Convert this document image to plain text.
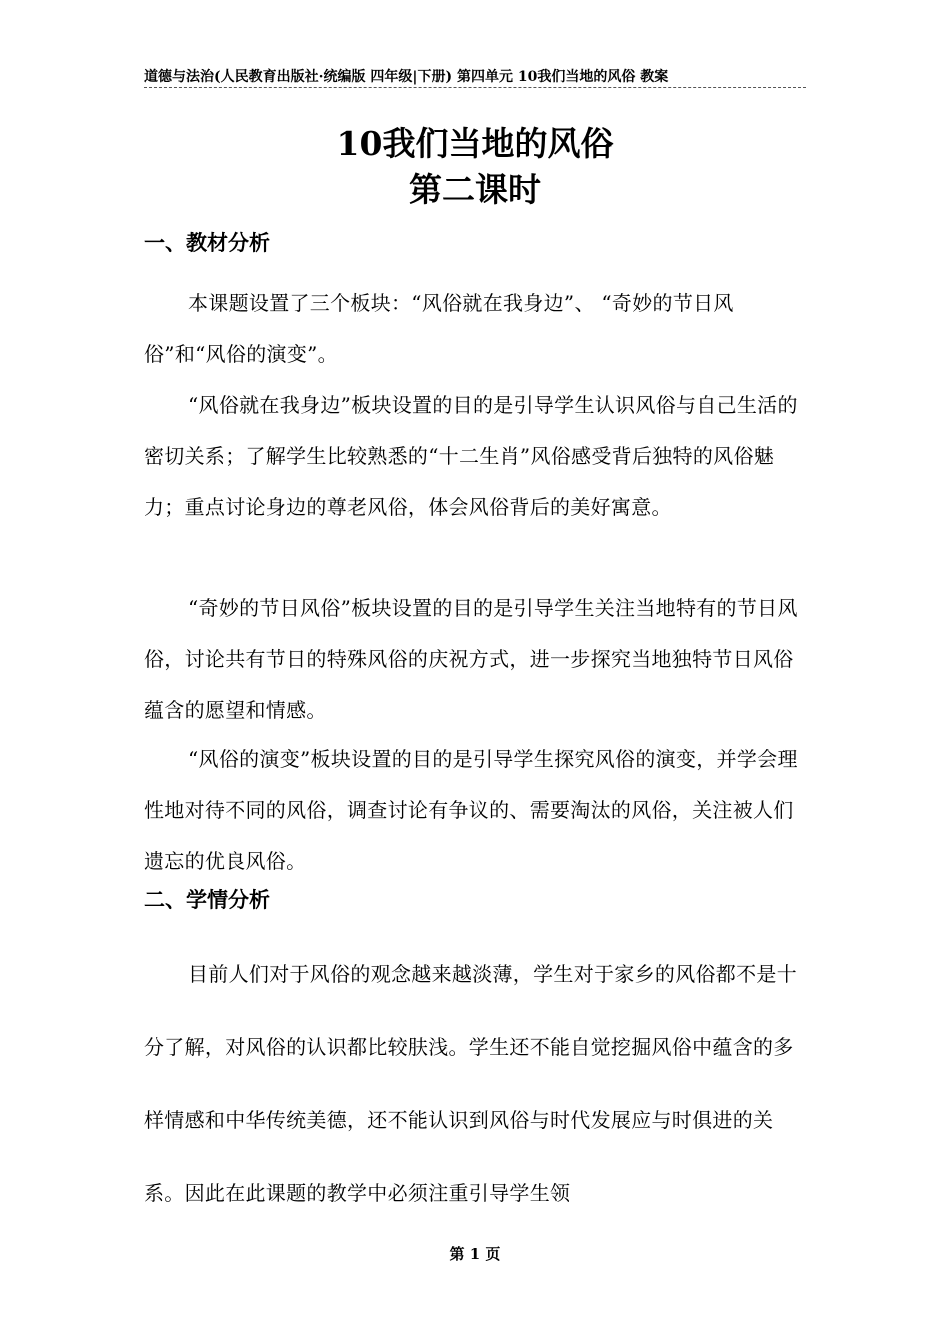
道德与法治(人民教育出版社·统编版 四年级|下册) 第四单元 10我们当地的风俗 教案
10我们当地的风俗
第二课时
一、教材分析
本课题设置了三个板块：“风俗就在我身边”、 “奇妙的节日风俗”和“风俗的演变”。
“风俗就在我身边”板块设置的目的是引导学生认识风俗与自己生活的密切关系；了解学生比较熟悉的“十二生肖”风俗感受背后独特的风俗魅力；重点讨论身边的尊老风俗，体会风俗背后的美好寓意。
“奇妙的节日风俗”板块设置的目的是引导学生关注当地特有的节日风俗，讨论共有节日的特殊风俗的庆祝方式，进一步探究当地独特节日风俗蕴含的愿望和情感。
“风俗的演变”板块设置的目的是引导学生探究风俗的演变，并学会理性地对待不同的风俗，调查讨论有争议的、需要淘汰的风俗，关注被人们遗忘的优良风俗。
二、学情分析
目前人们对于风俗的观念越来越淡薄，学生对于家乡的风俗都不是十分了解，对风俗的认识都比较肤浅。学生还不能自觉挖掘风俗中蕴含的多样情感和中华传统美德，还不能认识到风俗与时代发展应与时俱进的关系。因此在此课题的教学中必须注重引导学生领
第 1 页
